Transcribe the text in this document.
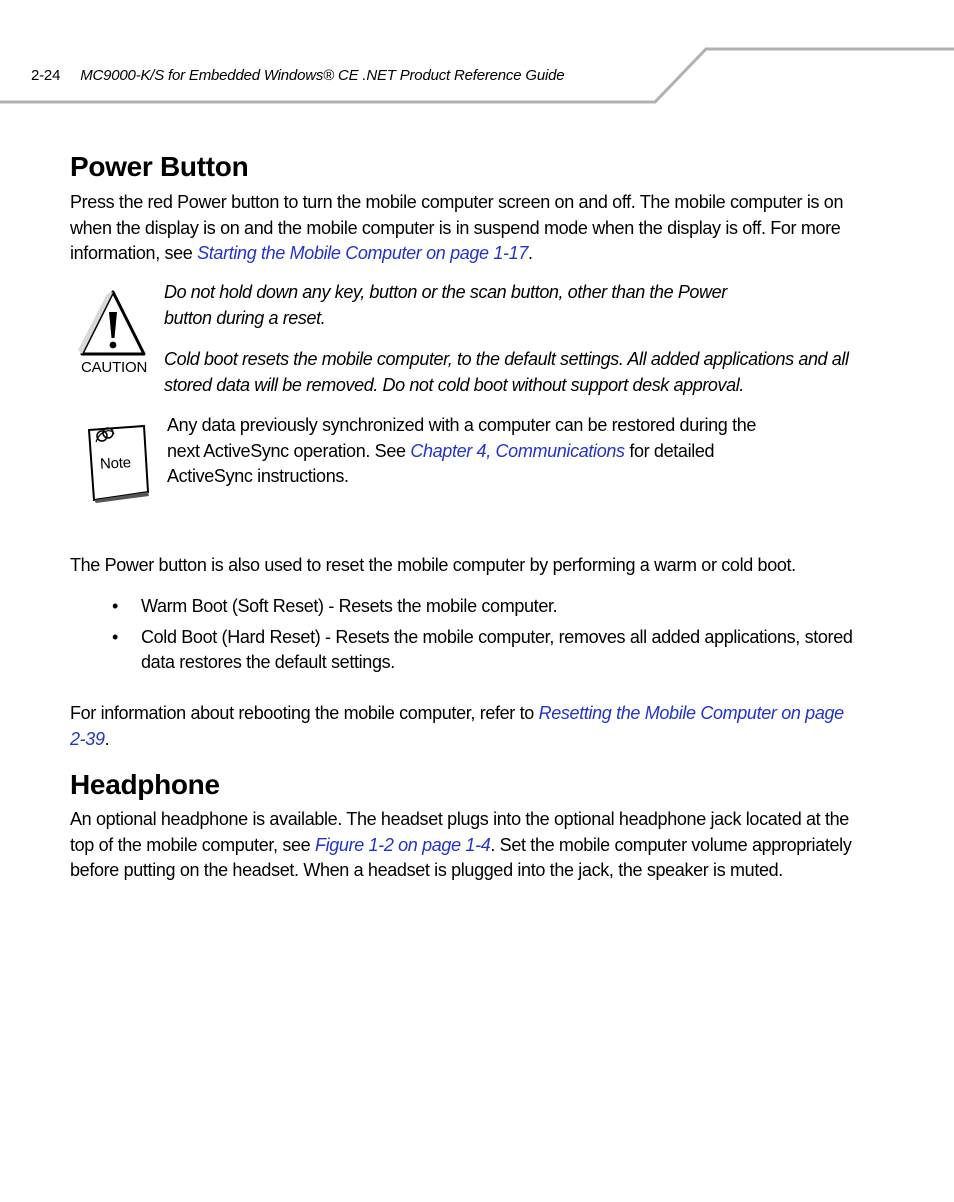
2-24 MC9000-K/S for Embedded Windows® CE .NET Product Reference Guide
Power Button

Press the red Power button to turn the mobile computer screen on and off. The mobile computer is on when the display is on and the mobile computer is in suspend mode when the display is off. For more information, see Starting the Mobile Computer on page 1-17.

CAUTION

Do not hold down any key, button or the scan button, other than the Power button during a reset.

Cold boot resets the mobile computer, to the default settings. All added applications and all stored data will be removed. Do not cold boot without support desk approval.

Note

Any data previously synchronized with a computer can be restored during the next ActiveSync operation. See Chapter 4, Communications for detailed ActiveSync instructions.

The Power button is also used to reset the mobile computer by performing a warm or cold boot.

• Warm Boot (Soft Reset) - Resets the mobile computer.
• Cold Boot (Hard Reset) - Resets the mobile computer, removes all added applications, stored data restores the default settings.

For information about rebooting the mobile computer, refer to Resetting the Mobile Computer on page 2-39.

Headphone

An optional headphone is available. The headset plugs into the optional headphone jack located at the top of the mobile computer, see Figure 1-2 on page 1-4. Set the mobile computer volume appropriately before putting on the headset. When a headset is plugged into the jack, the speaker is muted.
